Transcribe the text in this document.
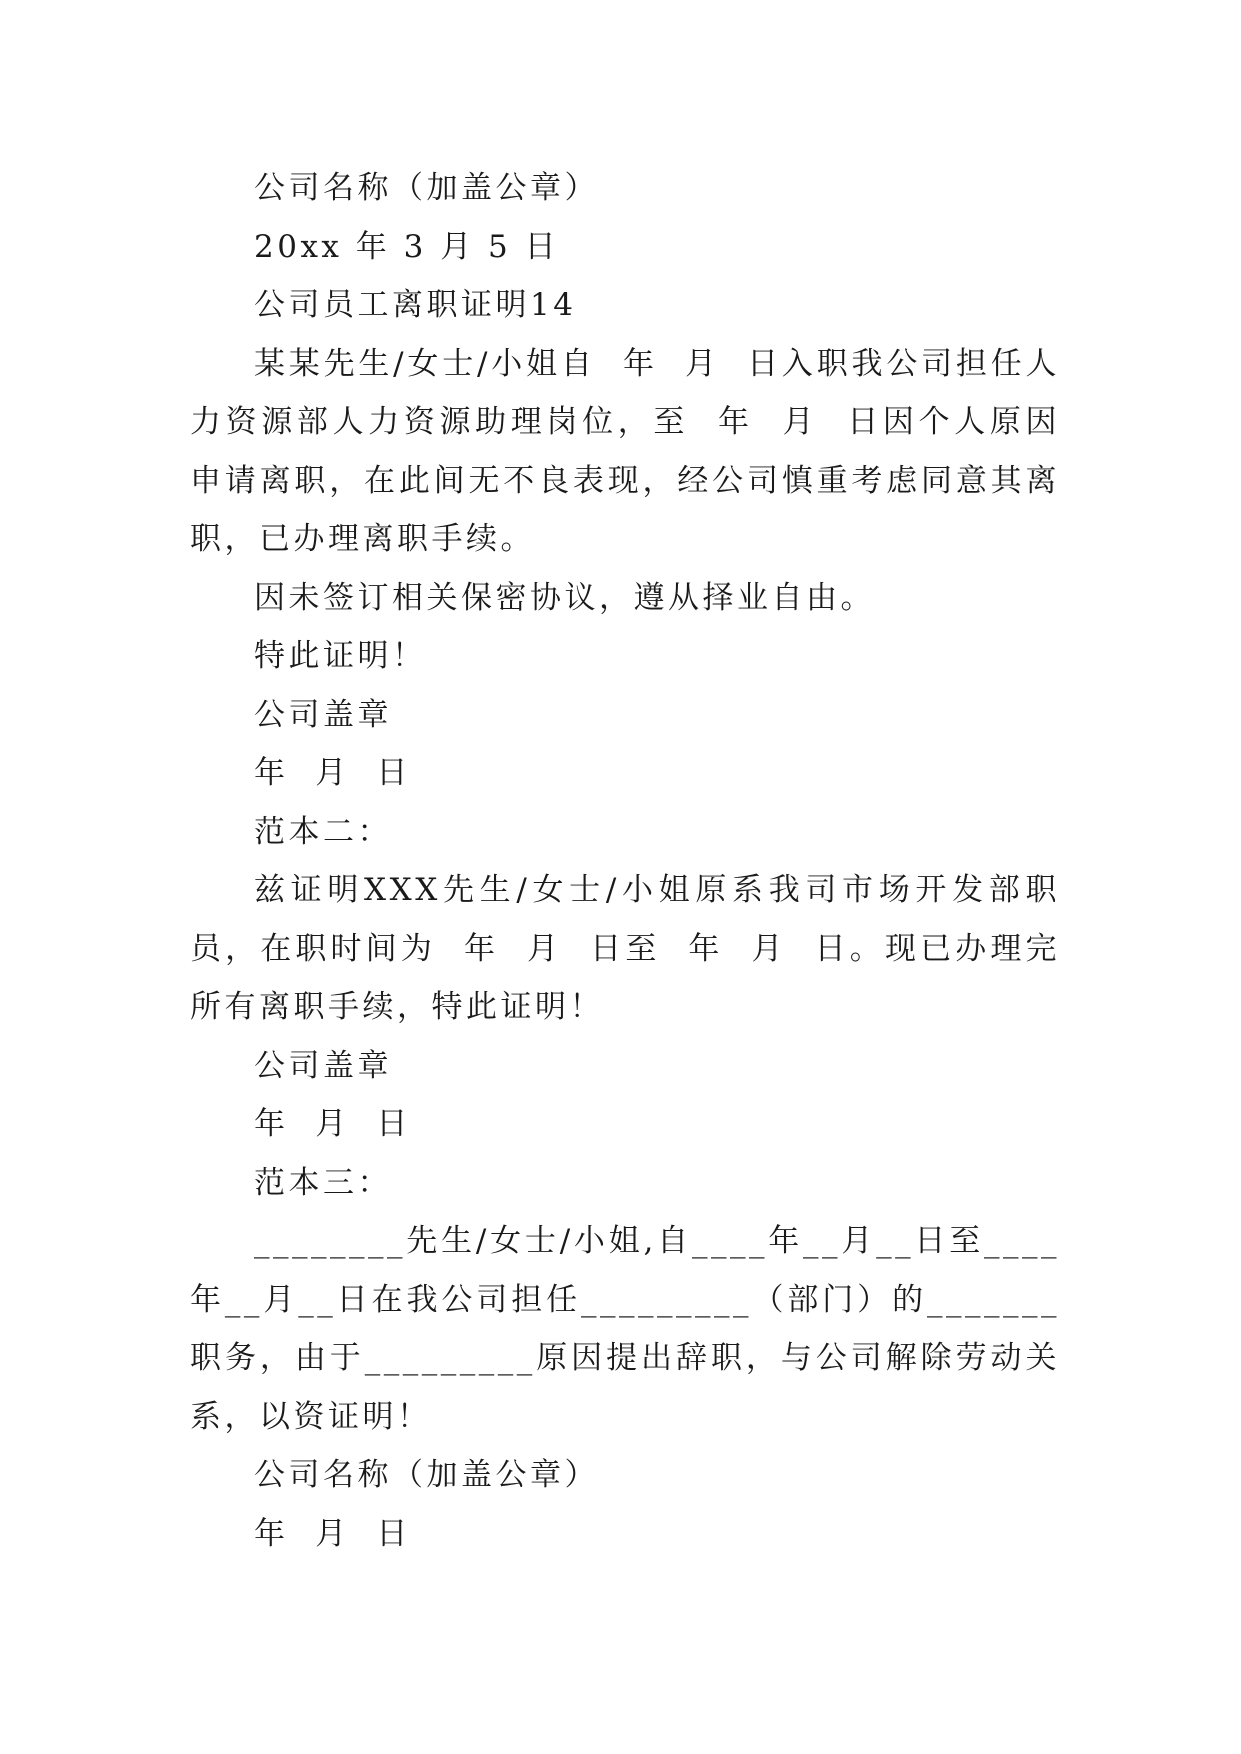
公司名称（加盖公章）

20xx 年 3 月 5 日

公司员工离职证明14

某某先生/女士/小姐自  年  月  日入职我公司担任人力资源部人力资源助理岗位，至  年  月  日因个人原因申请离职，在此间无不良表现，经公司慎重考虑同意其离职，已办理离职手续。

因未签订相关保密协议，遵从择业自由。

特此证明！

公司盖章

年  月  日

范本二：

兹证明XXX先生/女士/小姐原系我司市场开发部职员，在职时间为  年  月  日至  年  月  日。现已办理完所有离职手续，特此证明！

公司盖章

年  月  日

范本三：

________先生/女士/小姐,自____年__月__日至____年__月__日在我公司担任_________（部门）的_______职务，由于_________原因提出辞职，与公司解除劳动关系，以资证明！

公司名称（加盖公章）

年  月  日
